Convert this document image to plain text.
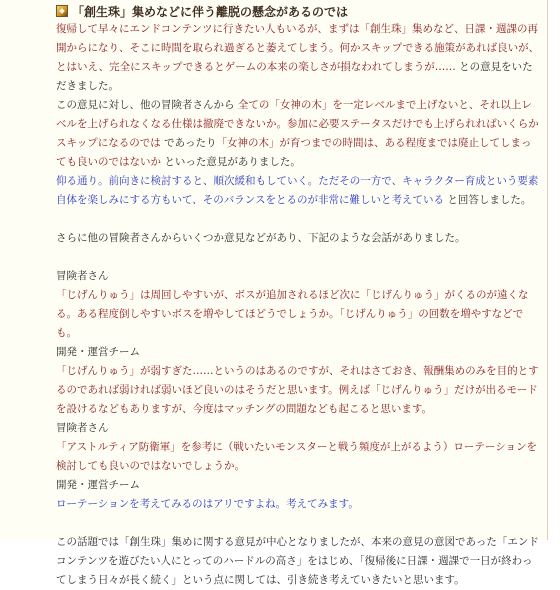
「創生珠」集めなどに伴う離脱の懸念があるのでは

復帰して早々にエンドコンテンツに行きたい人もいるが、まずは「創生珠」集めなど、日課・週課の再開からになり、そこに時間を取られ過ぎると萎えてしまう。何かスキップできる施策があれば良いが、とはいえ、完全にスキップできるとゲームの本来の楽しさが損なわれてしまうが…… との意見をいただきました。

この意見に対し、他の冒険者さんから 全ての「女神の木」を一定レベルまで上げないと、それ以上レベルを上げられなくなる仕様は撤廃できないか。参加に必要ステータスだけでも上げられればいくらかスキップになるのでは であったり「女神の木」が育つまでの時間は、ある程度までは廃止してしまっても良いのではないか といった意見がありました。

仰る通り。前向きに検討すると、順次緩和もしていく。ただその一方で、キャラクター育成という要素自体を楽しみにする方もいて、そのバランスをとるのが非常に難しいと考えている と回答しました。

さらに他の冒険者さんからいくつか意見などがあり、下記のような会話がありました。

冒険者さん

「じげんりゅう」は周回しやすいが、ボスが追加されるほど次に「じげんりゅう」がくるのが遠くなる。ある程度倒しやすいボスを増やしてほどうでしょうか。「じげんりゅう」の回数を増やすなどでも。

開発・運営チーム

「じげんりゅう」が弱すぎた……というのはあるのですが、それはさておき、報酬集めのみを目的とするのであれば弱ければ弱いほど良いのはそうだと思います。例えば「じげんりゅう」だけが出るモードを設けるなどもありますが、今度はマッチングの問題なども起こると思います。

冒険者さん

「アストルティア防衛軍」を参考に（戦いたいモンスターと戦う頻度が上がるよう）ローテーションを検討しても良いのではないでしょうか。

開発・運営チーム

ローテーションを考えてみるのはアリですよね。考えてみます。

この話題では「創生珠」集めに関する意見が中心となりましたが、本来の意見の意図であった「エンドコンテンツを遊びたい人にとってのハードルの高さ」をはじめ、「復帰後に日課・週課で一日が終わってしまう日々が長く続く」という点に関しては、引き続き考えていきたいと思います。
